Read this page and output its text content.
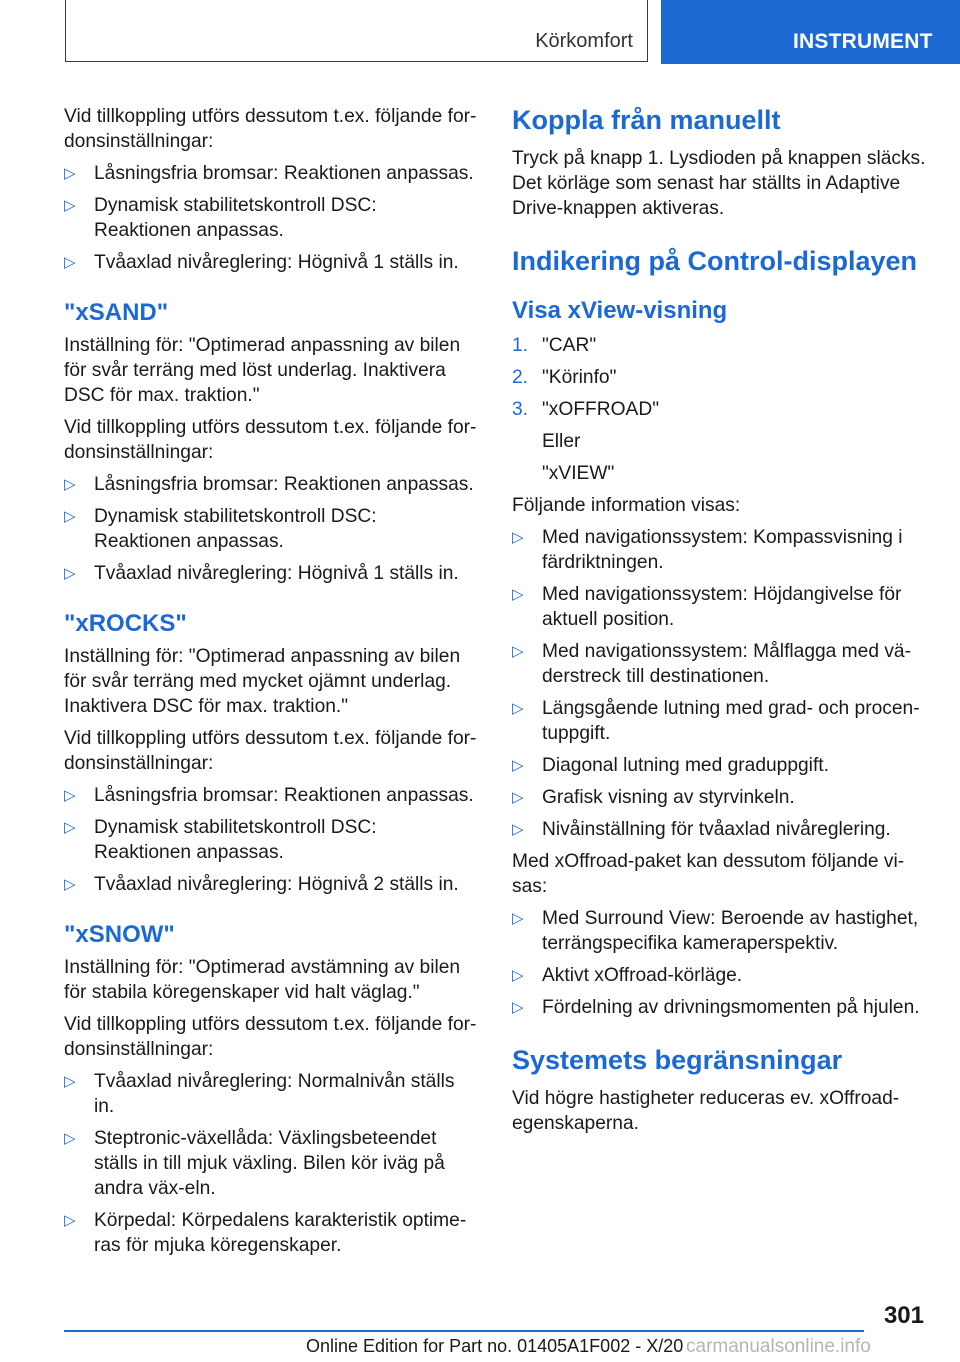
Körkomfort	INSTRUMENT

Vid tillkoppling utförs dessutom t.ex. följande for-donsinställningar:

▷ Låsningsfria bromsar: Reaktionen anpassas.
▷ Dynamisk stabilitetskontroll DSC: Reaktionen anpassas.
▷ Tvåaxlad nivåreglering: Högnivå 1 ställs in.
"xSAND"

Inställning för: "Optimerad anpassning av bilen för svår terräng med löst underlag. Inaktivera DSC för max. traktion."

Vid tillkoppling utförs dessutom t.ex. följande for-donsinställningar:

▷ Låsningsfria bromsar: Reaktionen anpassas.
▷ Dynamisk stabilitetskontroll DSC: Reaktionen anpassas.
▷ Tvåaxlad nivåreglering: Högnivå 1 ställs in.
"xROCKS"

Inställning för: "Optimerad anpassning av bilen för svår terräng med mycket ojämnt underlag. Inaktivera DSC för max. traktion."

Vid tillkoppling utförs dessutom t.ex. följande for-donsinställningar:

▷ Låsningsfria bromsar: Reaktionen anpassas.
▷ Dynamisk stabilitetskontroll DSC: Reaktionen anpassas.
▷ Tvåaxlad nivåreglering: Högnivå 2 ställs in.
"xSNOW"

Inställning för: "Optimerad avstämning av bilen för stabila köregenskaper vid halt väglag."

Vid tillkoppling utförs dessutom t.ex. följande for-donsinställningar:

▷ Tvåaxlad nivåreglering: Normalnivån ställs in.
▷ Steptronic-växellåda: Växlingsbeteendet ställs in till mjuk växling. Bilen kör iväg på andra väx-eln.
▷ Körpedal: Körpedalens karakteristik optime-ras för mjuka köregenskaper.
Koppla från manuellt

Tryck på knapp 1. Lysdioden på knappen släcks. Det körläge som senast har ställts in Adaptive Drive-knappen aktiveras.

Indikering på Control-displayen
Visa xView-visning
1. "CAR"
2. "Körinfo"
3. "xOFFROAD"

Eller

"xVIEW"

Följande information visas:

▷ Med navigationssystem: Kompassvisning i färdriktningen.
▷ Med navigationssystem: Höjdangivelse för aktuell position.
▷ Med navigationssystem: Målflagga med vä-derstreck till destinationen.
▷ Längsgående lutning med grad- och procen-tuppgift.
▷ Diagonal lutning med graduppgift.
▷ Grafisk visning av styrvinkeln.
▷ Nivåinställning för tvåaxlad nivåreglering.

Med xOffroad-paket kan dessutom följande vi-sas:

▷ Med Surround View: Beroende av hastighet, terrängspecifika kameraperspektiv.
▷ Aktivt xOffroad-körläge.
▷ Fördelning av drivningsmomenten på hjulen.
Systemets begränsningar

Vid högre hastigheter reduceras ev. xOffroad-egenskaperna.

301
Online Edition for Part no. 01405A1F002 - X/20 carmanualsonline.info
